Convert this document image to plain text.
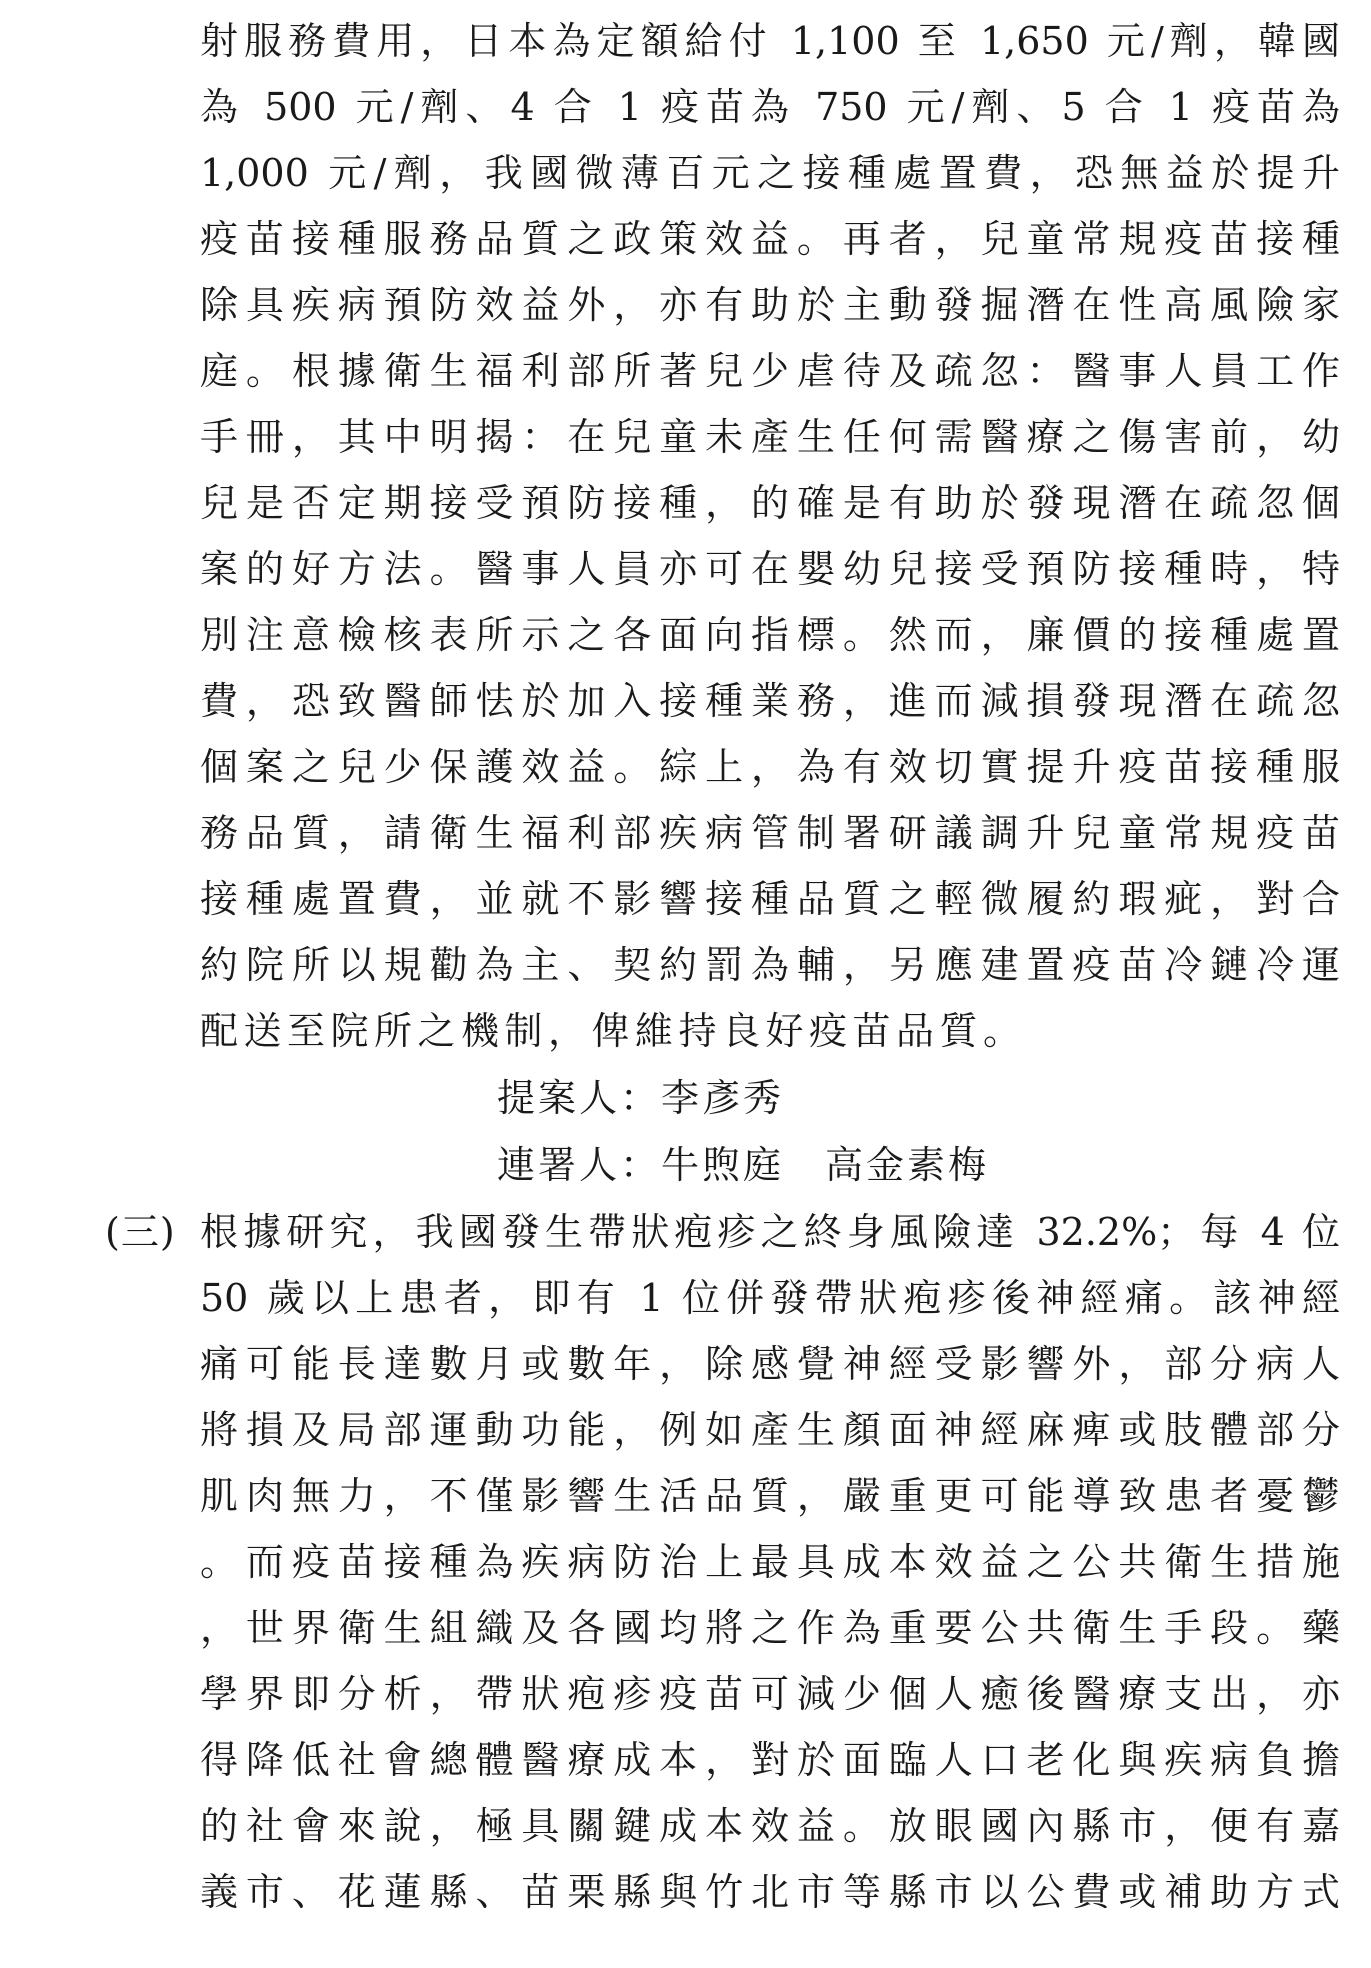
射服務費用，日本為定額給付 1,100 至 1,650 元/劑，韓國
為 500 元/劑、4 合 1 疫苗為 750 元/劑、5 合 1 疫苗為
1,000 元/劑，我國微薄百元之接種處置費，恐無益於提升
疫苗接種服務品質之政策效益。再者，兒童常規疫苗接種
除具疾病預防效益外，亦有助於主動發掘潛在性高風險家
庭。根據衛生福利部所著兒少虐待及疏忽：醫事人員工作
手冊，其中明揭：在兒童未產生任何需醫療之傷害前，幼
兒是否定期接受預防接種，的確是有助於發現潛在疏忽個
案的好方法。醫事人員亦可在嬰幼兒接受預防接種時，特
別注意檢核表所示之各面向指標。然而，廉價的接種處置
費，恐致醫師怯於加入接種業務，進而減損發現潛在疏忽
個案之兒少保護效益。綜上，為有效切實提升疫苗接種服
務品質，請衛生福利部疾病管制署研議調升兒童常規疫苗
接種處置費，並就不影響接種品質之輕微履約瑕疵，對合
約院所以規勸為主、契約罰為輔，另應建置疫苗冷鏈冷運
配送至院所之機制，俾維持良好疫苗品質。
提案人：李彥秀
連署人：牛煦庭　高金素梅
(三) 根據研究，我國發生帶狀疱疹之終身風險達 32.2%；每 4 位
50 歲以上患者，即有 1 位併發帶狀疱疹後神經痛。該神經
痛可能長達數月或數年，除感覺神經受影響外，部分病人
將損及局部運動功能，例如產生顏面神經麻痺或肢體部分
肌肉無力，不僅影響生活品質，嚴重更可能導致患者憂鬱
。而疫苗接種為疾病防治上最具成本效益之公共衛生措施
，世界衛生組織及各國均將之作為重要公共衛生手段。藥
學界即分析，帶狀疱疹疫苗可減少個人癒後醫療支出，亦
得降低社會總體醫療成本，對於面臨人口老化與疾病負擔
的社會來說，極具關鍵成本效益。放眼國內縣市，便有嘉
義市、花蓮縣、苗栗縣與竹北市等縣市以公費或補助方式
